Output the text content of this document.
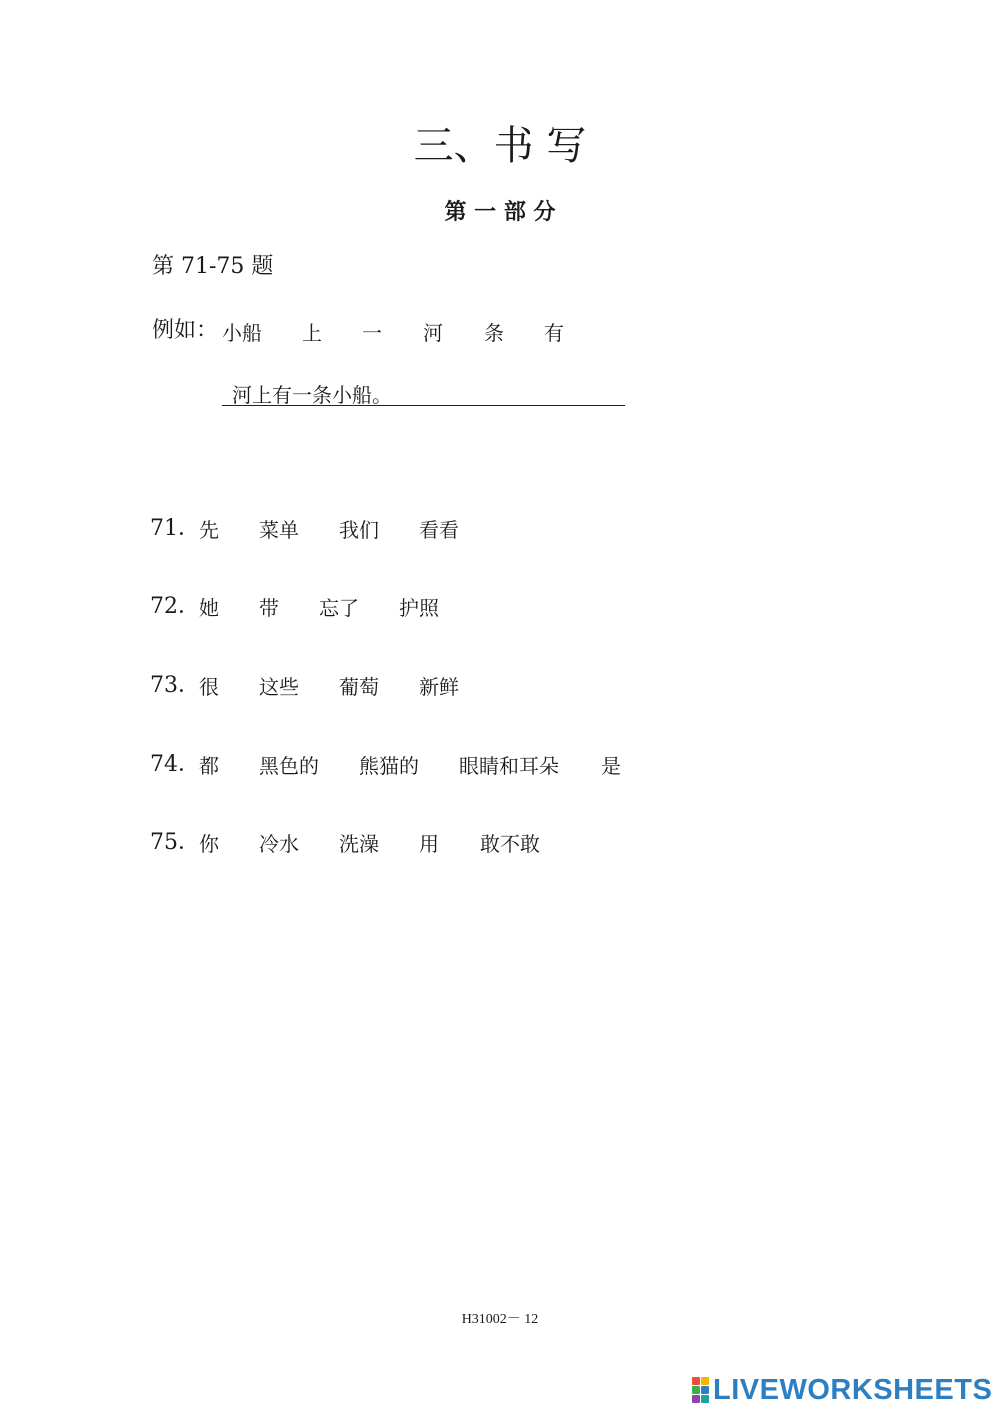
三、书 写
第 一 部 分
第 71-75 题
例如： 小船 上 一 河 条 有
河上有一条小船。
71． 先 菜单 我们 看看
72． 她 带 忘了 护照
73． 很 这些 葡萄 新鲜
74． 都 黑色的 熊猫的 眼睛和耳朵 是
75． 你 冷水 洗澡 用 敢不敢
H31002－ 12
LIVEWORKSHEETS
